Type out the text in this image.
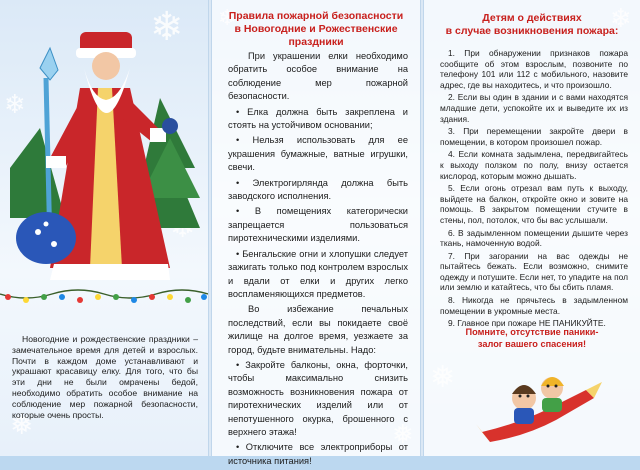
❄
❄
❅

Новогодние и рождественские праздники – замечательное время для детей и взрослых. Почти в каждом доме устанавливают и украшают красавицу елку. Для того, что бы эти дни не были омрачены бедой, необходимо обратить особое внимание на соблюдение мер пожарной безопасности, которые очень просты.

❄
❅
Правила пожарной безопасности
в Новогодние и Рожественские праздники

При украшении елки необходимо обратить особое внимание на соблюдение мер пожарной безопасности.

• Елка должна быть закреплена и стоять на устойчивом основании;

• Нельзя использовать для ее украшения бумажные, ватные игрушки, свечи.

• Электрогирлянда должна быть заводского исполнения.

• В помещениях категорически запрещается пользоваться пиротехническими изделиями.

• Бенгальские огни и хлопушки следует зажигать только под контролем взрослых и вдали от елки и других легко воспламеняющихся предметов.

Во избежание печальных последствий, если вы покидаете своё жилище на долгое время, уезжаете за город, будьте внимательны. Надо:

• Закройте балконы, окна, форточки, чтобы максимально снизить возможность возникновения пожара от пиротехнических изделий или от непотушенного окурка, брошенного с верхнего этажа!

• Отключите все электроприборы от источника питания!

❄
❅
Детям о действиях
в случае возникновения пожара:

1. При обнаружении признаков пожара сообщите об этом взрослым, позвоните по телефону 101 или 112 с мобильного, назовите адрес, где вы находитесь, и что произошло.

2. Если вы один в здании и с вами находятся младшие дети, успокойте их и выведите их из здания.

3. При перемещении закройте двери в помещении, в котором произошел пожар.

4. Если комната задымлена, передвигайтесь к выходу ползком по полу, внизу остается кислород, которым можно дышать.

5. Если огонь отрезал вам путь к выходу, выйдете на балкон, откройте окно и зовите на помощь. В закрытом помещении стучите в стены, пол, потолок, что бы вас услышали.

6. В задымленном помещении дышите через ткань, намоченную водой.

7. При загорании на вас одежды не пытайтесь бежать. Если возможно, снимите одежду и потушите. Если нет, то упадите на пол или землю и катайтесь, что бы сбить пламя.

8. Никогда не прячьтесь в задымленном помещении в укромные места.

9. Главное при пожаре НЕ ПАНИКУЙТЕ.

Помните, отсутствие паники-
залог вашего спасения!
